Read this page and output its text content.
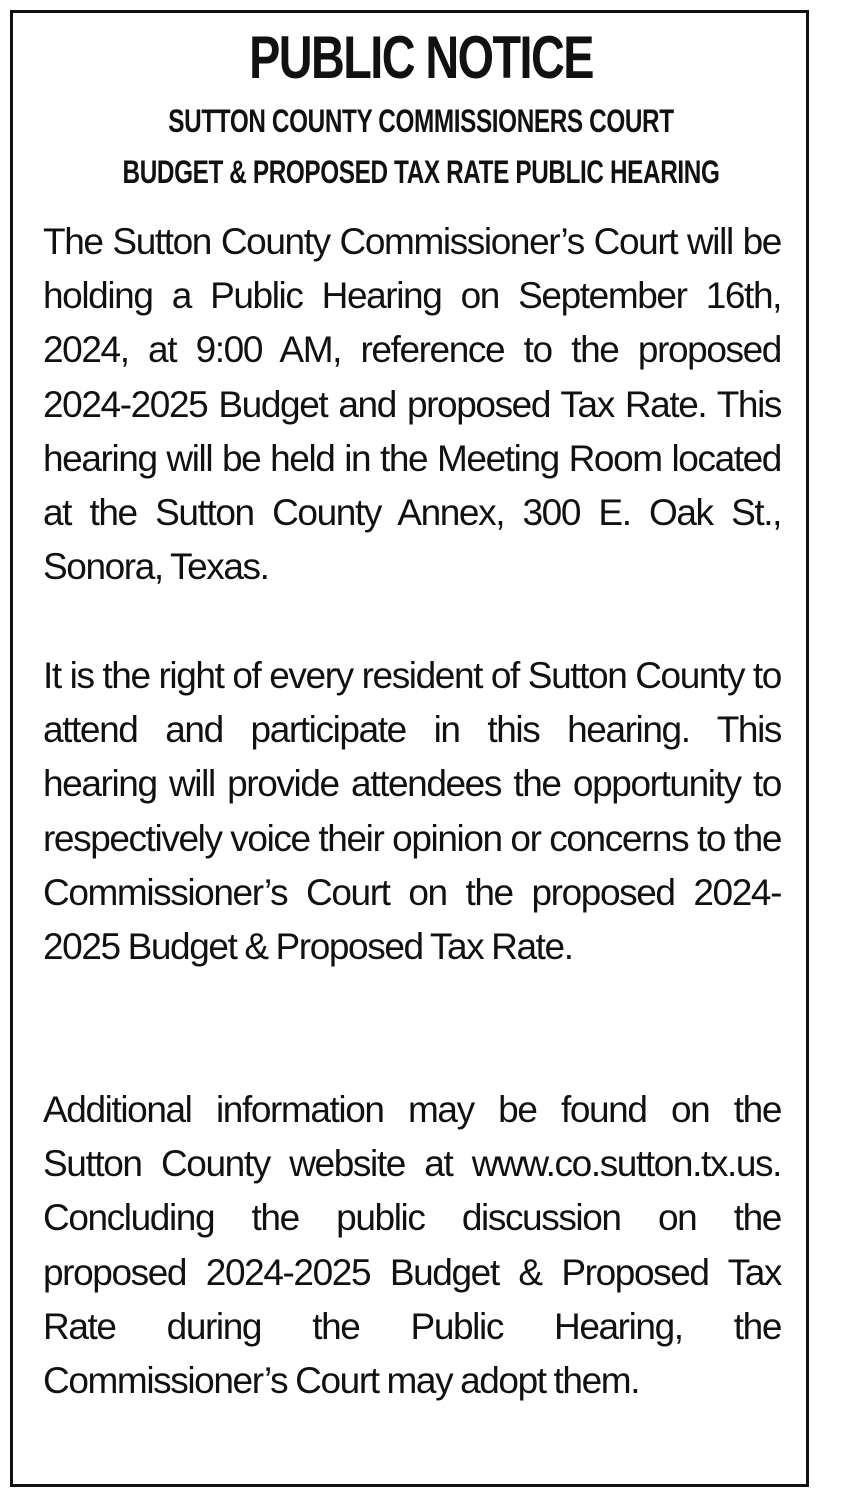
PUBLIC NOTICE
SUTTON COUNTY COMMISSIONERS COURT
BUDGET & PROPOSED TAX RATE PUBLIC HEARING

The Sutton County Commissioner’s Court will be holding a Public Hearing on September 16th, 2024, at 9:00 AM, reference to the proposed 2024-2025 Budget and proposed Tax Rate. This hearing will be held in the Meeting Room located at the Sutton County Annex, 300 E. Oak St., Sonora, Texas.

It is the right of every resident of Sutton County to attend and participate in this hearing. This hearing will provide attendees the opportunity to respectively voice their opinion or concerns to the Commissioner’s Court on the proposed 2024-2025 Budget & Proposed Tax Rate.

Additional information may be found on the Sutton County website at www.co.sutton.tx.us. Concluding the public discussion on the proposed 2024-2025 Budget & Proposed Tax Rate during the Public Hearing, the Commissioner’s Court may adopt them.
